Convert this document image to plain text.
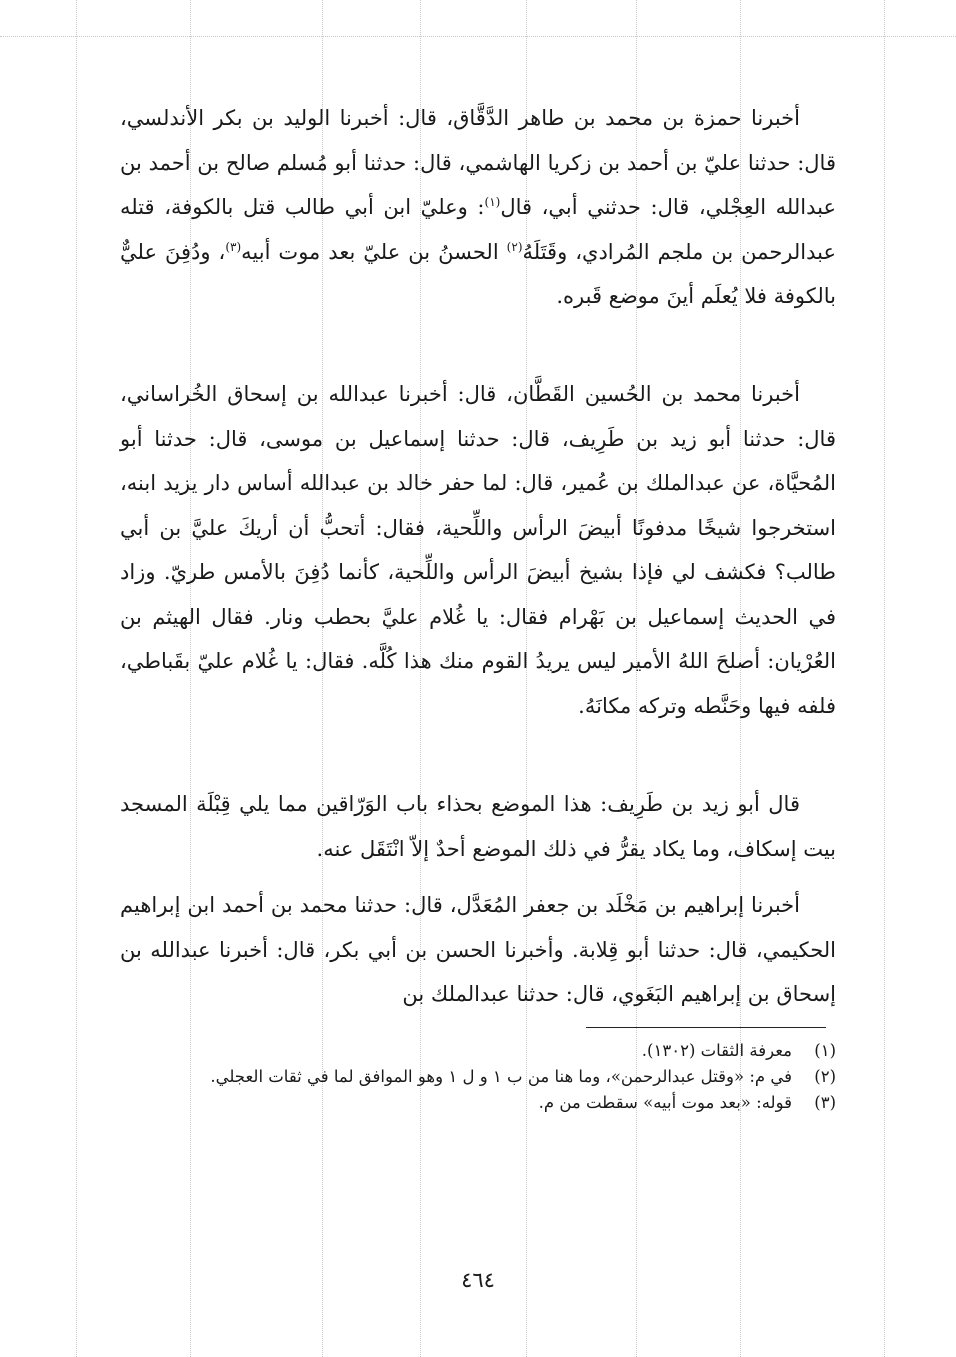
أخبرنا حمزة بن محمد بن طاهر الدَّقَّاق، قال: أخبرنا الوليد بن بكر الأندلسي، قال: حدثنا عليّ بن أحمد بن زكريا الهاشمي، قال: حدثنا أبو مُسلم صالح بن أحمد بن عبدالله العِجْلي، قال: حدثني أبي، قال$^{(١)}$: وعليّ ابن أبي طالب قتل بالكوفة، قتله عبدالرحمن بن ملجم المُرادي، وقَتَلَهُ$^{(٢)}$ الحسنُ بن عليّ بعد موت أبيه$^{(٣)}$، ودُفِنَ عليٌّ بالكوفة فلا يُعلَم أينَ موضع قَبره.

أخبرنا محمد بن الحُسين القَطَّان، قال: أخبرنا عبدالله بن إسحاق الخُراساني، قال: حدثنا أبو زيد بن طَرِيف، قال: حدثنا إسماعيل بن موسى، قال: حدثنا أبو المُحيَّاة، عن عبدالملك بن عُمير، قال: لما حفر خالد بن عبدالله أساس دار يزيد ابنه، استخرجوا شيخًا مدفونًا أبيضَ الرأس واللِّحية، فقال: أتحبُّ أن أريكَ عليَّ بن أبي طالب؟ فكشف لي فإذا بشيخ أبيضَ الرأس واللِّحية، كأنما دُفِنَ بالأمس طريّ. وزاد في الحديث إسماعيل بن بَهْرام فقال: يا غُلام عليَّ بحطب ونار. فقال الهيثم بن العُرْيان: أصلحَ اللهُ الأمير ليس يريدُ القوم منك هذا كُلَّه. فقال: يا غُلام عليّ بقَباطي، فلفه فيها وحَنَّطه وتركه مكانَهُ.

قال أبو زيد بن طَرِيف: هذا الموضع بحذاء باب الوَرّاقين مما يلي قِبْلَة المسجد بيت إسكاف، وما يكاد يقرُّ في ذلك الموضع أحدٌ إلاّ انْتَقَل عنه.

أخبرنا إبراهيم بن مَخْلَد بن جعفر المُعَدَّل، قال: حدثنا محمد بن أحمد ابن إبراهيم الحكيمي، قال: حدثنا أبو قِلابة. وأخبرنا الحسن بن أبي بكر، قال: أخبرنا عبدالله بن إسحاق بن إبراهيم البَغَوي، قال: حدثنا عبدالملك بن

(١)
معرفة الثقات (١٣٠٢).
(٢)
في م: «وقتل عبدالرحمن»، وما هنا من ب ١ و ل ١ وهو الموافق لما في ثقات العجلي.
(٣)
قوله: «بعد موت أبيه» سقطت من م.
٤٦٤
